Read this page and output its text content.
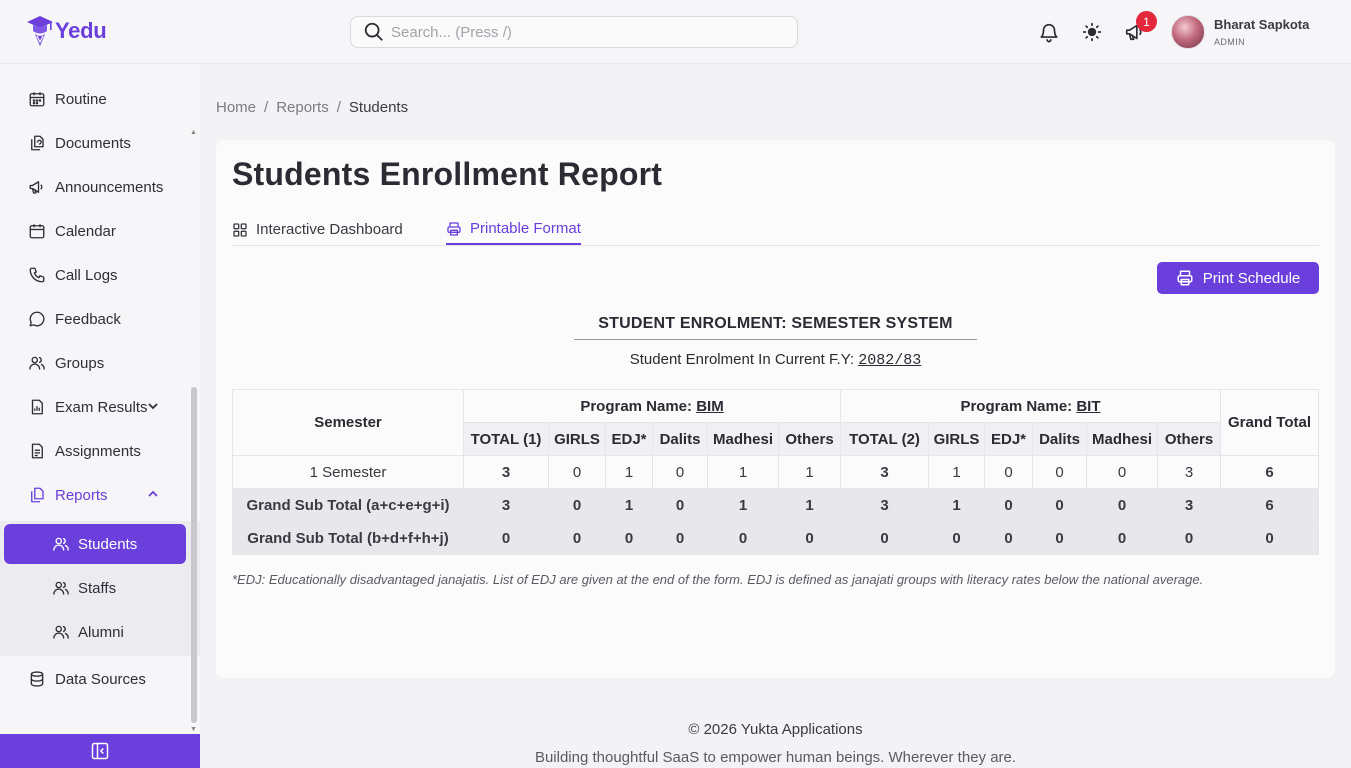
Yedu
Search... (Press /)	1	Bharat Sapkota
ADMIN
▲
Routine
Documents
Announcements
Calendar
Call Logs
Feedback
Groups
Exam Results
Assignments
Reports
Students
Staffs
Alumni
Data Sources
▼
Home / Reports / Students
Students Enrollment Report
Interactive Dashboard	Printable Format
Print Schedule
STUDENT ENROLMENT: SEMESTER SYSTEM
Student Enrolment In Current F.Y: 2082/83
Semester	Program Name: BIM						Program Name: BIT						Grand Total
	TOTAL (1)	GIRLS	EDJ*	Dalits	Madhesi	Others	TOTAL (2)	GIRLS	EDJ*	Dalits	Madhesi	Others	
1 Semester	3	0	1	0	1	1	3	1	0	0	0	3	6
Grand Sub Total (a+c+e+g+i)	3	0	1	0	1	1	3	1	0	0	0	3	6
Grand Sub Total (b+d+f+h+j)	0	0	0	0	0	0	0	0	0	0	0	0	0

*EDJ: Educationally disadvantaged janajatis. List of EDJ are given at the end of the form. EDJ is defined as janajati groups with literacy rates below the national average.

© 2026 Yukta Applications
Building thoughtful SaaS to empower human beings. Wherever they are.
